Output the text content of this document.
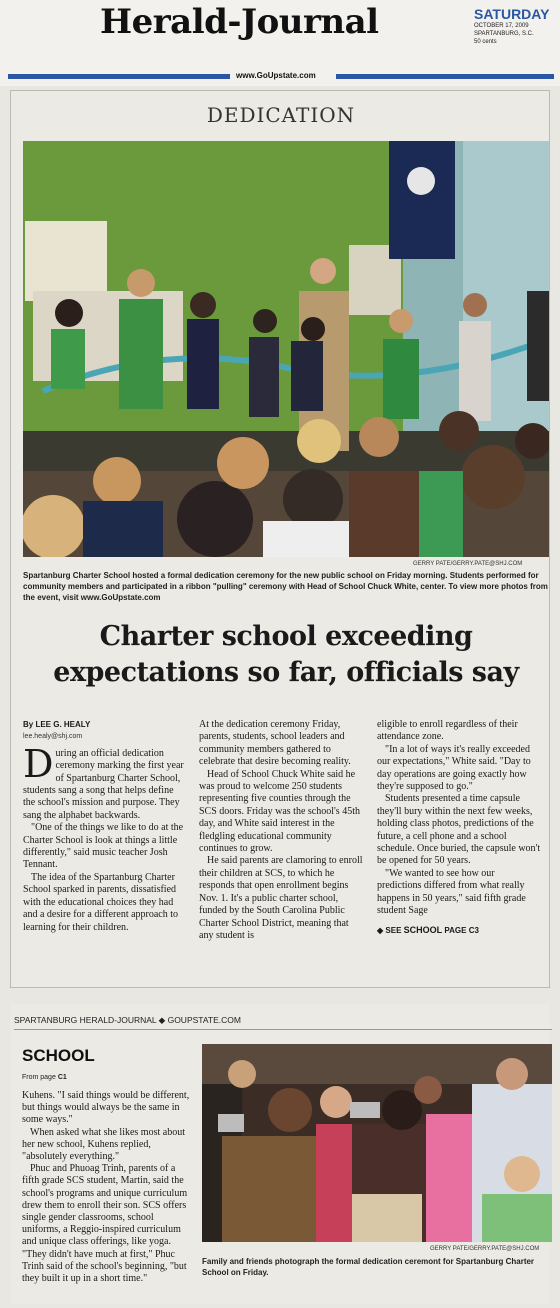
Herald-Journal	SATURDAY
OCTOBER 17, 2009
SPARTANBURG, S.C.
50 cents
www.GoUpstate.com
DEDICATION
GERRY PATE/GERRY.PATE@SHJ.COM
Spartanburg Charter School hosted a formal dedication ceremony for the new public school on Friday morning. Students performed for community members and participated in a ribbon "pulling" ceremony with Head of School Chuck White, center. To view more photos from the event, visit www.GoUpstate.com
Charter school exceeding
expectations so far, officials say
By LEE G. HEALY
lee.healy@shj.com

During an official dedication ceremony marking the first year of Spartanburg Charter School, students sang a song that helps define the school's mission and purpose. They sang the alphabet backwards.

"One of the things we like to do at the Charter School is look at things a little differently," said music teacher Josh Tennant.

The idea of the Spartanburg Charter School sparked in parents, dissatisfied with the educational choices they had and a desire for a different approach to learning for their children.

At the dedication ceremony Friday, parents, students, school leaders and community members gathered to celebrate that desire becoming reality.

Head of School Chuck White said he was proud to welcome 250 students representing five counties through the SCS doors. Friday was the school's 45th day, and White said interest in the fledgling educational community continues to grow.

He said parents are clamoring to enroll their children at SCS, to which he responds that open enrollment begins Nov. 1. It's a public charter school, funded by the South Carolina Public Charter School District, meaning that any student is

eligible to enroll regardless of their attendance zone.

"In a lot of ways it's really exceeded our expectations," White said. "Day to day operations are going exactly how they're supposed to go."

Students presented a time capsule they'll bury within the next few weeks, holding class photos, predictions of the future, a cell phone and a school schedule. Once buried, the capsule won't be opened for 50 years.

"We wanted to see how our predictions differed from what really happens in 50 years," said fifth grade student Sage

◆ SEE SCHOOL PAGE C3
SPARTANBURG HERALD-JOURNAL ◆ GOUPSTATE.COM
SCHOOL
From page C1

Kuhens. "I said things would be different, but things would always be the same in some ways."

When asked what she likes most about her new school, Kuhens replied, "absolutely everything."

Phuc and Phuoag Trinh, parents of a fifth grade SCS student, Martin, said the school's programs and unique curriculum drew them to enroll their son. SCS offers single gender classrooms, school uniforms, a Reggio-inspired curriculum and unique class offerings, like yoga. "They didn't have much at first," Phuc Trinh said of the school's beginning, "but they built it up in a short time."

GERRY PATE/GERRY.PATE@SHJ.COM
Family and friends photograph the formal dedication ceremont for Spartanburg Charter School on Friday.
